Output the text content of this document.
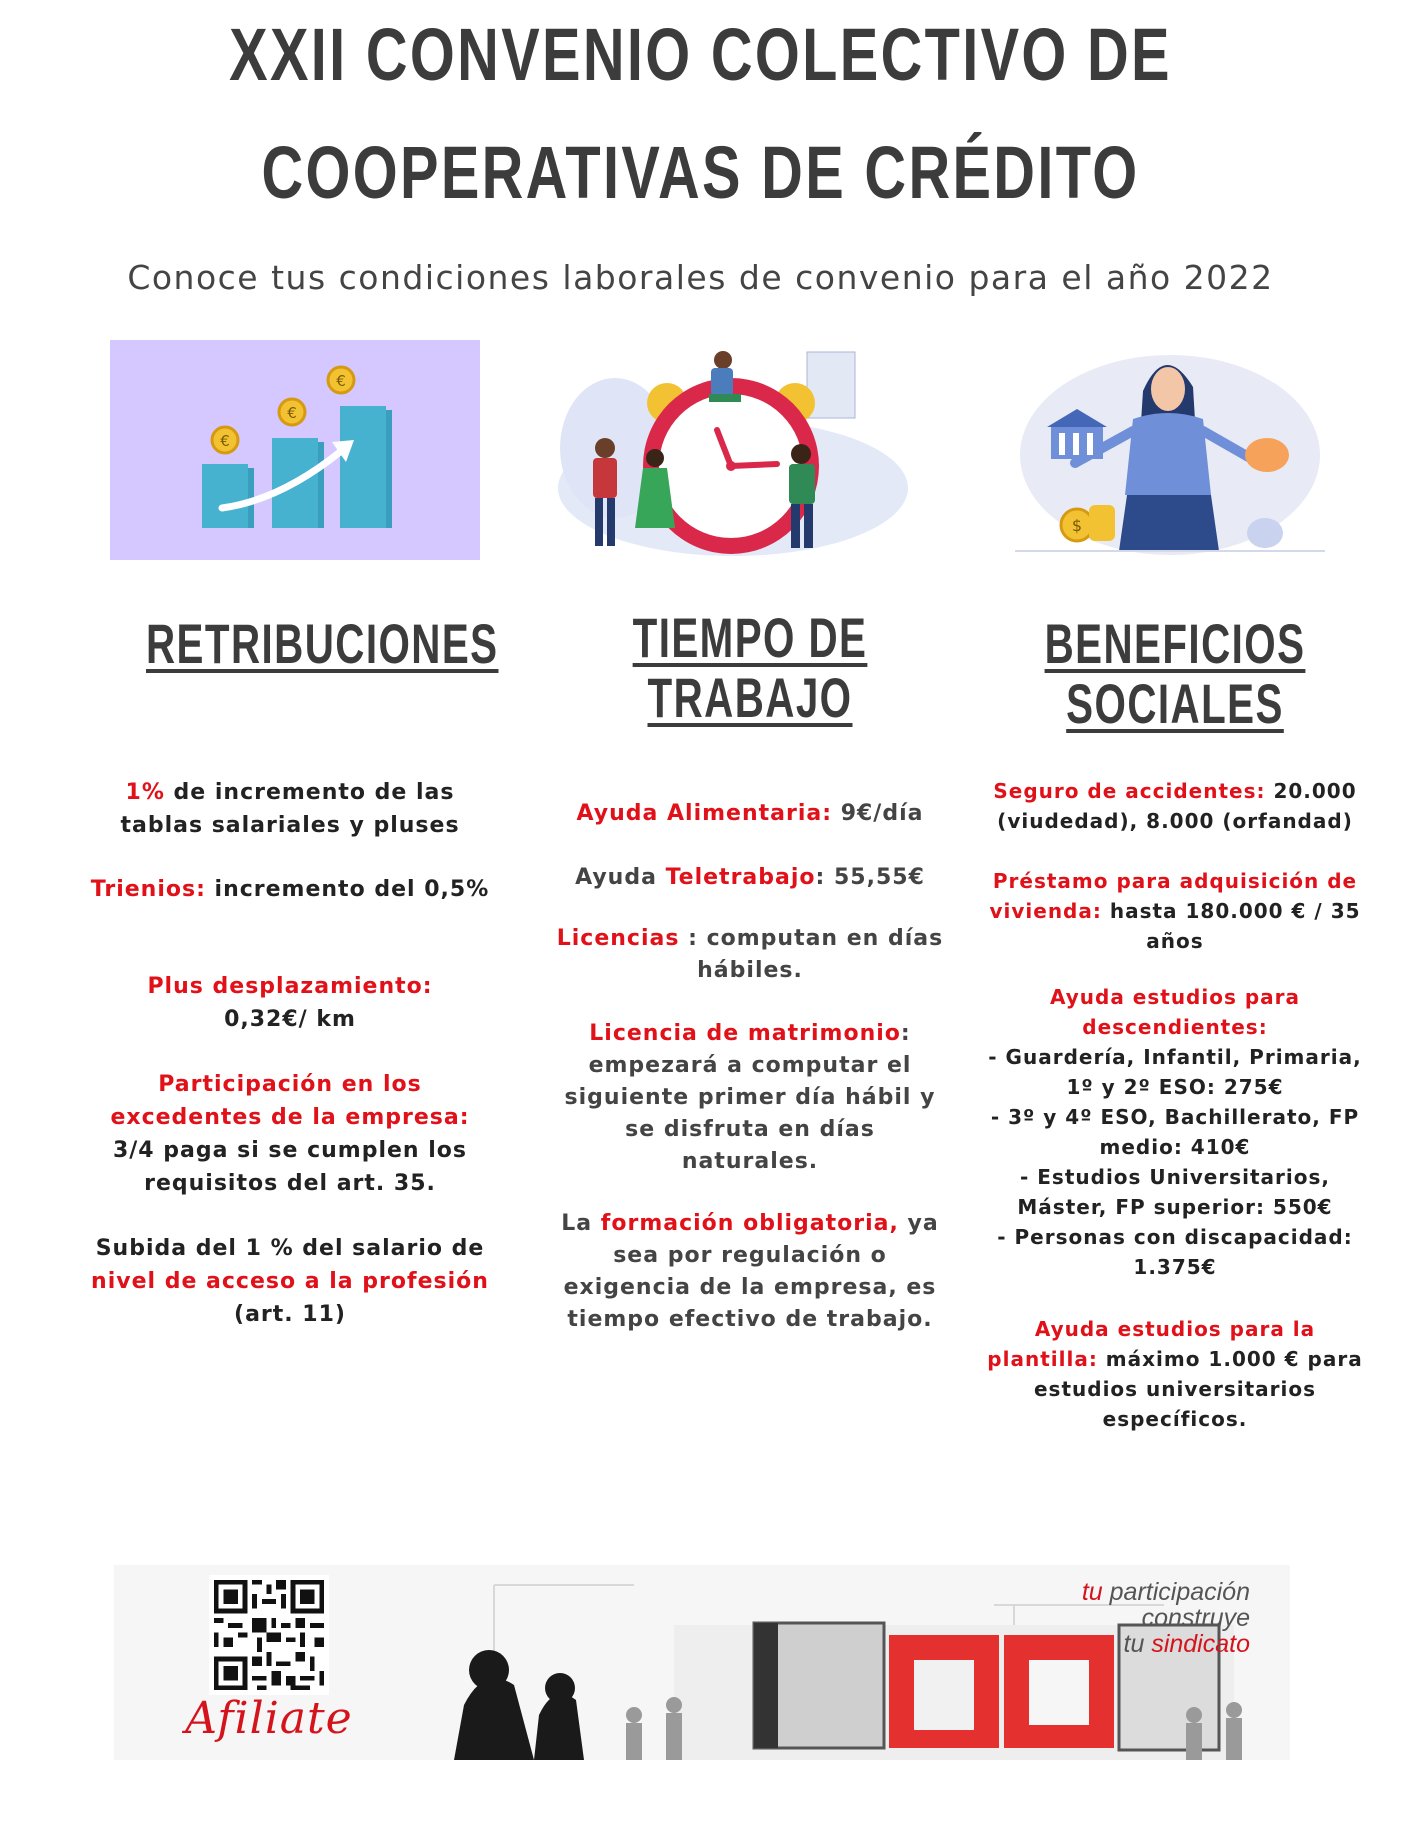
XXII CONVENIO COLECTIVO DE
COOPERATIVAS DE CRÉDITO

Conoce tus condiciones laborales de convenio para el año 2022

€
€
€
$
RETRIBUCIONES

1% de incremento de las tablas salariales y pluses

Trienios: incremento del 0,5%

Plus desplazamiento:
0,32€/ km

Participación en los excedentes de la empresa:
3/4 paga si se cumplen los requisitos del art. 35.

Subida del 1 % del salario de nivel de acceso a la profesión
(art. 11)

TIEMPO DE
TRABAJO

Ayuda Alimentaria: 9€/día

Ayuda Teletrabajo: 55,55€

Licencias : computan en días hábiles.

Licencia de matrimonio: empezará a computar el siguiente primer día hábil y se disfruta en días naturales.

La formación obligatoria, ya sea por regulación o exigencia de la empresa, es tiempo efectivo de trabajo.

BENEFICIOS
SOCIALES

Seguro de accidentes: 20.000 (viudedad), 8.000 (orfandad)

Préstamo para adquisición de vivienda: hasta 180.000 € / 35 años

Ayuda estudios para descendientes:
- Guardería, Infantil, Primaria, 1º y 2º ESO: 275€
- 3º y 4º ESO, Bachillerato, FP medio: 410€
- Estudios Universitarios, Máster, FP superior: 550€
- Personas con discapacidad: 1.375€

Ayuda estudios para la plantilla: máximo 1.000 € para estudios universitarios específicos.

Afiliate
tu participación
construye
tu sindicato
